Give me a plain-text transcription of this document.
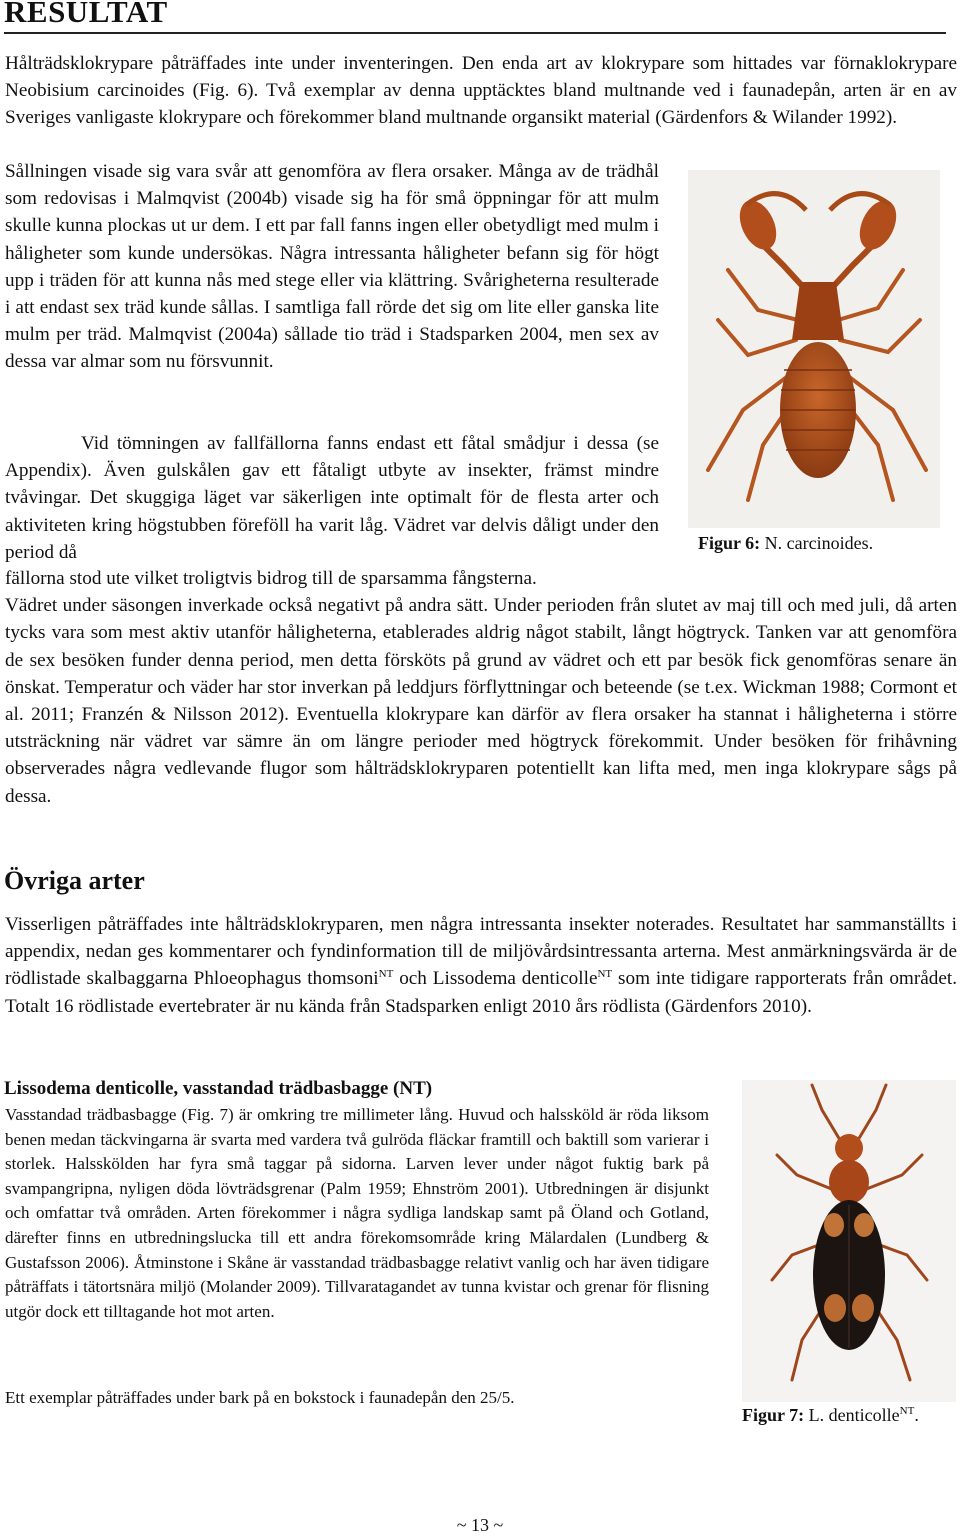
RESULTAT

Hålträdsklokrypare påträffades inte under inventeringen. Den enda art av klokrypare som hittades var förnaklokrypare Neobisium carcinoides (Fig. 6). Två exemplar av denna upptäcktes bland multnande ved i faunadepån, arten är en av Sveriges vanligaste klokrypare och förekommer bland multnande organsikt material (Gärdenfors & Wilander 1992).

Sållningen visade sig vara svår att genomföra av flera orsaker. Många av de trädhål som redovisas i Malmqvist (2004b) visade sig ha för små öppningar för att mulm skulle kunna plockas ut ur dem. I ett par fall fanns ingen eller obetydligt med mulm i håligheter som kunde undersökas. Några intressanta håligheter befann sig för högt upp i träden för att kunna nås med stege eller via klättring. Svårigheterna resulterade i att endast sex träd kunde sållas. I samtliga fall rörde det sig om lite eller ganska lite mulm per träd. Malmqvist (2004a) sållade tio träd i Stadsparken 2004, men sex av dessa var almar som nu försvunnit.

Vid tömningen av fallfällorna fanns endast ett fåtal smådjur i dessa (se Appendix). Även gulskålen gav ett fåtaligt utbyte av insekter, främst mindre tvåvingar. Det skuggiga läget var säkerligen inte optimalt för de flesta arter och aktiviteten kring högstubben föreföll ha varit låg. Vädret var delvis dåligt under den period då

fällorna stod ute vilket troligtvis bidrog till de sparsamma fångsterna.
Vädret under säsongen inverkade också negativt på andra sätt. Under perioden från slutet av maj till och med juli, då arten tycks vara som mest aktiv utanför håligheterna, etablerades aldrig något stabilt, långt högtryck. Tanken var att genomföra de sex besöken funder denna period, men detta försköts på grund av vädret och ett par besök fick genomföras senare än önskat. Temperatur och väder har stor inverkan på leddjurs förflyttningar och beteende (se t.ex. Wickman 1988; Cormont et al. 2011; Franzén & Nilsson 2012). Eventuella klokrypare kan därför av flera orsaker ha stannat i håligheterna i större utsträckning när vädret var sämre än om längre perioder med högtryck förekommit. Under besöken för frihåvning observerades några vedlevande flugor som hålträdsklokryparen potentiellt kan lifta med, men inga klokrypare sågs på dessa.
Figur 6: N. carcinoides.
Övriga arter

Visserligen påträffades inte hålträdsklokryparen, men några intressanta insekter noterades. Resultatet har sammanställts i appendix, nedan ges kommentarer och fyndinformation till de miljövårdsintressanta arterna. Mest anmärkningsvärda är de rödlistade skalbaggarna Phloeophagus thomsoni$^{NT}$ och Lissodema denticolle$^{NT}$ som inte tidigare rapporterats från området. Totalt 16 rödlistade evertebrater är nu kända från Stadsparken enligt 2010 års rödlista (Gärdenfors 2010).

Lissodema denticolle, vasstandad trädbasbagge (NT)

Vasstandad trädbasbagge (Fig. 7) är omkring tre millimeter lång. Huvud och halssköld är röda liksom benen medan täckvingarna är svarta med vardera två gulröda fläckar framtill och baktill som varierar i storlek. Halsskölden har fyra små taggar på sidorna. Larven lever under något fuktig bark på svampangripna, nyligen döda lövträdsgrenar (Palm 1959; Ehnström 2001). Utbredningen är disjunkt och omfattar två områden. Arten förekommer i några sydliga landskap samt på Öland och Gotland, därefter finns en utbredningslucka till ett andra förekomsområde kring Mälardalen (Lundberg & Gustafsson 2006). Åtminstone i Skåne är vasstandad trädbasbagge relativt vanlig och har även tidigare påträffats i tätortsnära miljö (Molander 2009). Tillvaratagandet av tunna kvistar och grenar för flisning utgör dock ett tilltagande hot mot arten.

Ett exemplar påträffades under bark på en bokstock i faunadepån den 25/5.

Figur 7: L. denticolle$^{NT}$.
~ 13 ~
